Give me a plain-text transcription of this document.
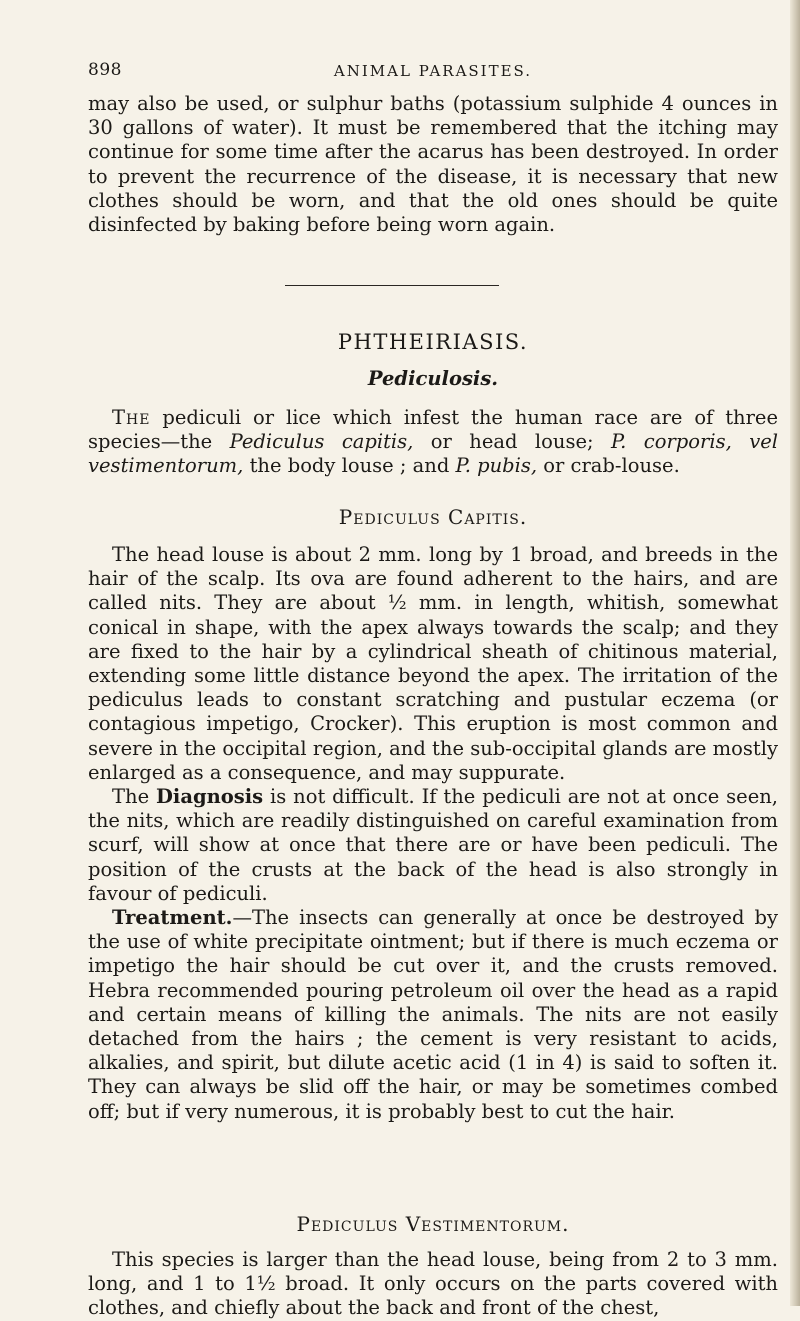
898	ANIMAL PARASITES.

may also be used, or sulphur baths (potassium sulphide 4 ounces in 30 gallons of water). It must be remembered that the itching may continue for some time after the acarus has been destroyed. In order to prevent the recurrence of the disease, it is necessary that new clothes should be worn, and that the old ones should be quite disinfected by baking before being worn again.

PHTHEIRIASIS.
Pediculosis.

The pediculi or lice which infest the human race are of three species—the Pediculus capitis, or head louse; P. corporis, vel vestimentorum, the body louse ; and P. pubis, or crab-louse.

Pediculus Capitis.

The head louse is about 2 mm. long by 1 broad, and breeds in the hair of the scalp. Its ova are found adherent to the hairs, and are called nits. They are about ½ mm. in length, whitish, somewhat conical in shape, with the apex always towards the scalp; and they are fixed to the hair by a cylindrical sheath of chitinous material, extending some little distance beyond the apex. The irritation of the pediculus leads to constant scratching and pustular eczema (or contagious impetigo, Crocker). This eruption is most common and severe in the occipital region, and the sub-occipital glands are mostly enlarged as a consequence, and may suppurate.

The Diagnosis is not difficult. If the pediculi are not at once seen, the nits, which are readily distinguished on careful examination from scurf, will show at once that there are or have been pediculi. The position of the crusts at the back of the head is also strongly in favour of pediculi.

Treatment.—The insects can generally at once be destroyed by the use of white precipitate ointment; but if there is much eczema or impetigo the hair should be cut over it, and the crusts removed. Hebra recommended pouring petroleum oil over the head as a rapid and certain means of killing the animals. The nits are not easily detached from the hairs ; the cement is very resistant to acids, alkalies, and spirit, but dilute acetic acid (1 in 4) is said to soften it. They can always be slid off the hair, or may be sometimes combed off; but if very numerous, it is probably best to cut the hair.

Pediculus Vestimentorum.

This species is larger than the head louse, being from 2 to 3 mm. long, and 1 to 1½ broad. It only occurs on the parts covered with clothes, and chiefly about the back and front of the chest,
